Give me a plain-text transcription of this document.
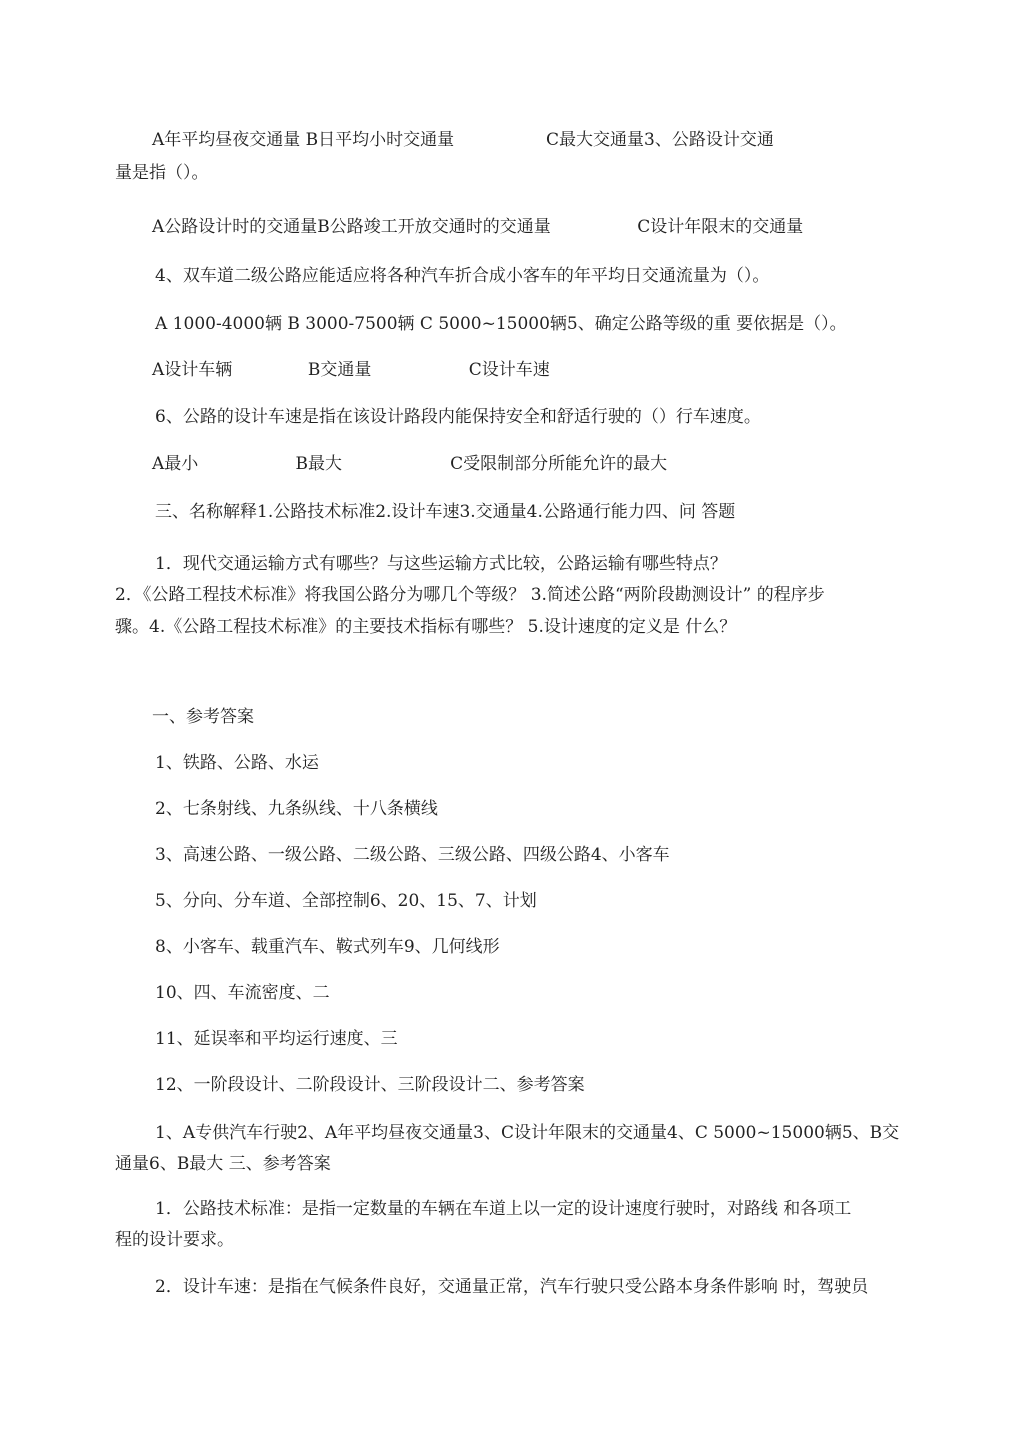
A年平均昼夜交通量 B日平均小时交通量                 C最大交通量3、公路设计交通
量是指（）。
A公路设计时的交通量B公路竣工开放交通时的交通量                C设计年限末的交通量
4、双车道二级公路应能适应将各种汽车折合成小客车的年平均日交通流量为（）。
A 1000-4000辆 B 3000-7500辆 C 5000~15000辆5、确定公路等级的重 要依据是（）。
A设计车辆              B交通量                  C设计车速
6、公路的设计车速是指在该设计路段内能保持安全和舒适行驶的（）行车速度。
A最小                  B最大                    C受限制部分所能允许的最大
三、名称解释1.公路技术标准2.设计车速3.交通量4.公路通行能力四、问 答题
1．现代交通运输方式有哪些？与这些运输方式比较，公路运输有哪些特点？
2．《公路工程技术标准》将我国公路分为哪几个等级？ 3.简述公路“两阶段勘测设计” 的程序步
骤。4.《公路工程技术标准》的主要技术指标有哪些？ 5.设计速度的定义是 什么？
一、参考答案
1、铁路、公路、水运
2、七条射线、九条纵线、十八条横线
3、高速公路、一级公路、二级公路、三级公路、四级公路4、小客车
5、分向、分车道、全部控制6、20、15、7、计划
8、小客车、载重汽车、鞍式列车9、几何线形
10、四、车流密度、二
11、延误率和平均运行速度、三
12、一阶段设计、二阶段设计、三阶段设计二、参考答案
1、A专供汽车行驶2、A年平均昼夜交通量3、C设计年限末的交通量4、C 5000~15000辆5、B交
通量6、B最大 三、参考答案
1．公路技术标准：是指一定数量的车辆在车道上以一定的设计速度行驶时，对路线 和各项工
程的设计要求。
2．设计车速：是指在气候条件良好，交通量正常，汽车行驶只受公路本身条件影响 时，驾驶员
